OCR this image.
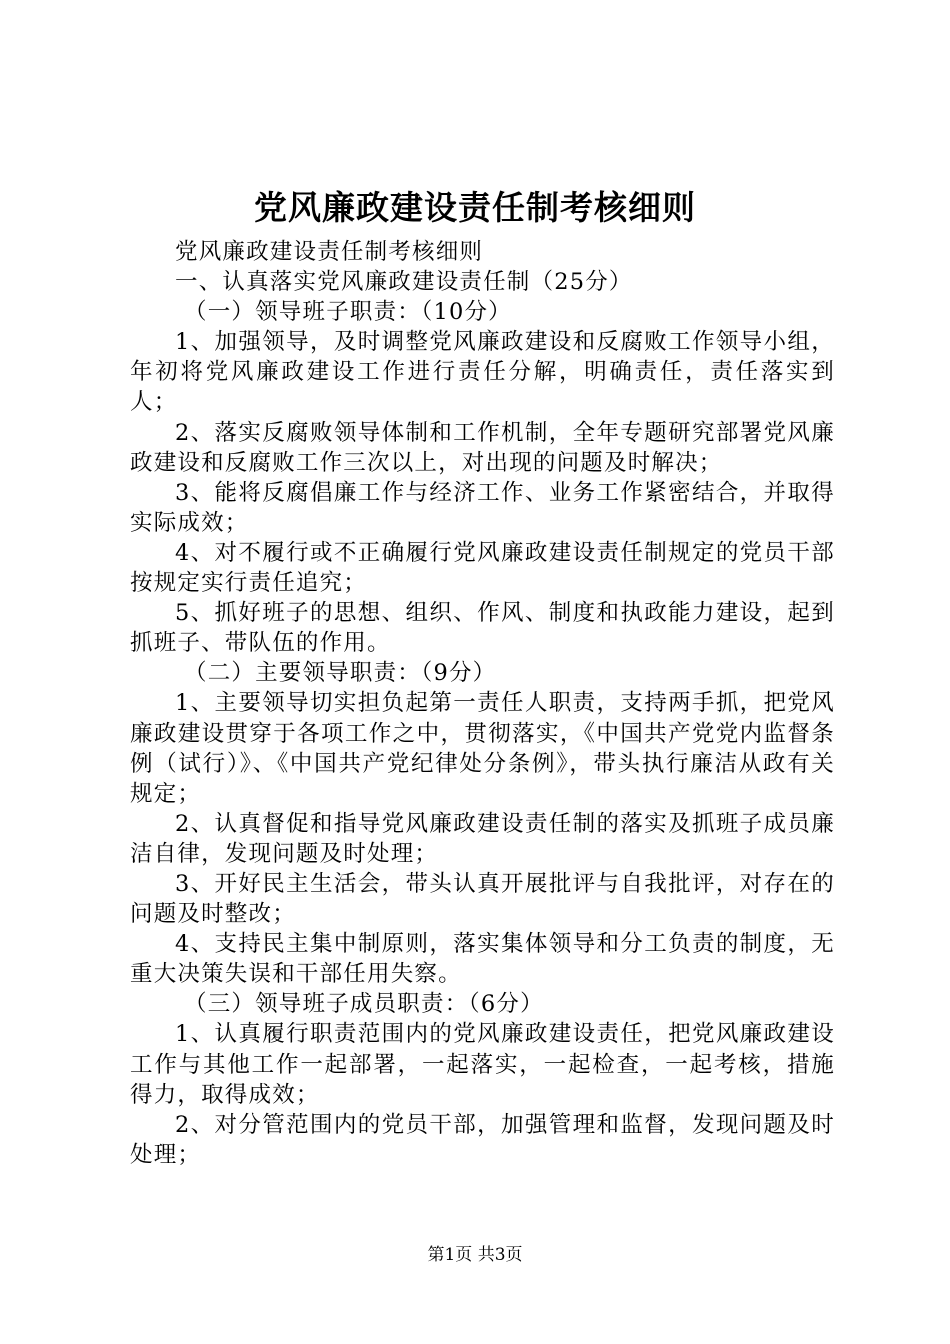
党风廉政建设责任制考核细则

党风廉政建设责任制考核细则

一、认真落实党风廉政建设责任制（25分）

（一）领导班子职责：（10分）

1、加强领导，及时调整党风廉政建设和反腐败工作领导小组，年初将党风廉政建设工作进行责任分解，明确责任，责任落实到人；

2、落实反腐败领导体制和工作机制，全年专题研究部署党风廉政建设和反腐败工作三次以上，对出现的问题及时解决；

3、能将反腐倡廉工作与经济工作、业务工作紧密结合，并取得实际成效；

4、对不履行或不正确履行党风廉政建设责任制规定的党员干部按规定实行责任追究；

5、抓好班子的思想、组织、作风、制度和执政能力建设，起到抓班子、带队伍的作用。

（二）主要领导职责：（9分）

1、主要领导切实担负起第一责任人职责，支持两手抓，把党风廉政建设贯穿于各项工作之中，贯彻落实，《中国共产党党内监督条例（试行）》、《中国共产党纪律处分条例》，带头执行廉洁从政有关规定；

2、认真督促和指导党风廉政建设责任制的落实及抓班子成员廉洁自律，发现问题及时处理；

3、开好民主生活会，带头认真开展批评与自我批评，对存在的问题及时整改；

4、支持民主集中制原则，落实集体领导和分工负责的制度，无重大决策失误和干部任用失察。

（三）领导班子成员职责：（6分）

1、认真履行职责范围内的党风廉政建设责任，把党风廉政建设工作与其他工作一起部署，一起落实，一起检查，一起考核，措施得力，取得成效；

2、对分管范围内的党员干部，加强管理和监督，发现问题及时处理；

第1页 共3页
